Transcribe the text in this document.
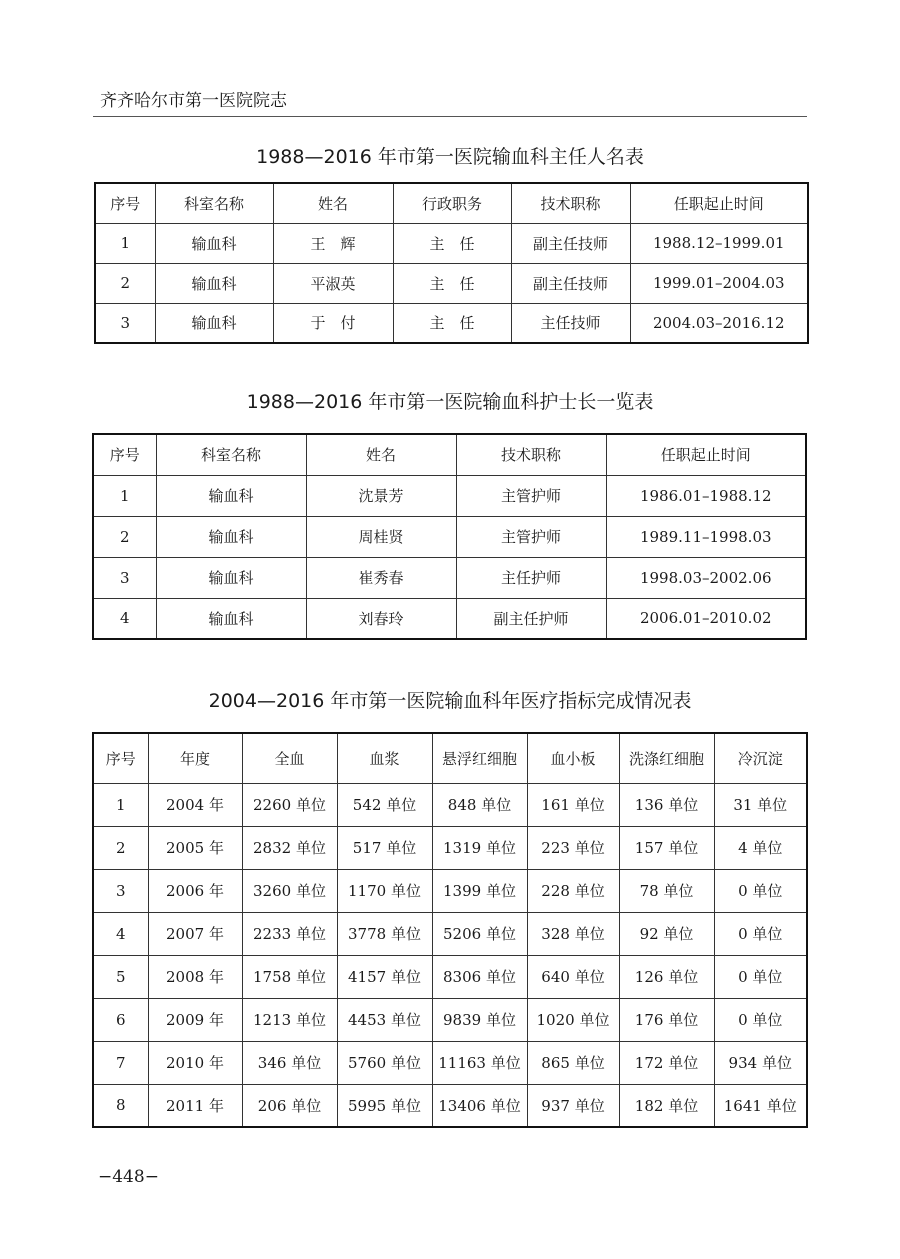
齐齐哈尔市第一医院院志
1988—2016 年市第一医院输血科主任人名表
序号	科室名称	姓名	行政职务	技术职称	任职起止时间
1	输血科	王　辉	主　任	副主任技师	1988.12–1999.01
2	输血科	平淑英	主　任	副主任技师	1999.01–2004.03
3	输血科	于　付	主　任	主任技师	2004.03–2016.12
1988—2016 年市第一医院输血科护士长一览表
序号	科室名称	姓名	技术职称	任职起止时间
1	输血科	沈景芳	主管护师	1986.01–1988.12
2	输血科	周桂贤	主管护师	1989.11–1998.03
3	输血科	崔秀春	主任护师	1998.03–2002.06
4	输血科	刘春玲	副主任护师	2006.01–2010.02
2004—2016 年市第一医院输血科年医疗指标完成情况表
序号	年度	全血	血浆	悬浮红细胞	血小板	洗涤红细胞	冷沉淀
1	2004 年	2260 单位	542 单位	848 单位	161 单位	136 单位	31 单位
2	2005 年	2832 单位	517 单位	1319 单位	223 单位	157 单位	4 单位
3	2006 年	3260 单位	1170 单位	1399 单位	228 单位	78 单位	0 单位
4	2007 年	2233 单位	3778 单位	5206 单位	328 单位	92 单位	0 单位
5	2008 年	1758 单位	4157 单位	8306 单位	640 单位	126 单位	0 单位
6	2009 年	1213 单位	4453 单位	9839 单位	1020 单位	176 单位	0 单位
7	2010 年	346 单位	5760 单位	11163 单位	865 单位	172 单位	934 单位
8	2011 年	206 单位	5995 单位	13406 单位	937 单位	182 单位	1641 单位
−448−
